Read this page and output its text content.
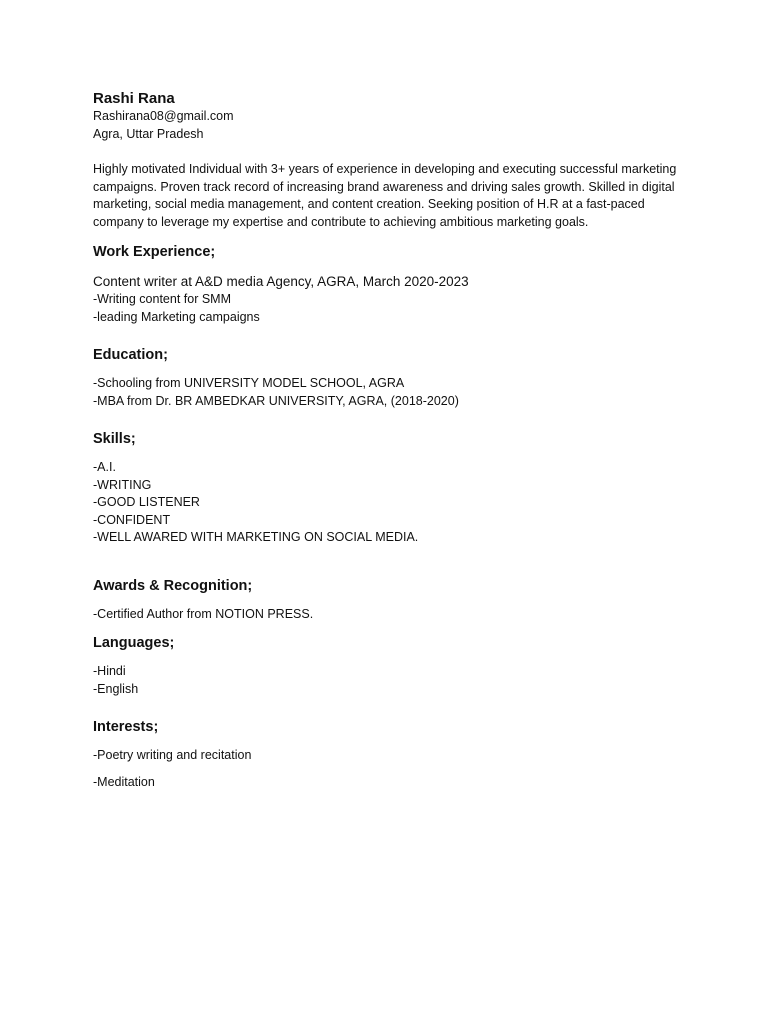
Rashi Rana

Rashirana08@gmail.com

Agra, Uttar Pradesh

Highly motivated Individual with 3+ years of experience in developing and executing successful marketing campaigns. Proven track record of increasing brand awareness and driving sales growth. Skilled in digital marketing, social media management, and content creation. Seeking position of H.R at a fast-paced company to leverage my expertise and contribute to achieving ambitious marketing goals.

Work Experience;

Content writer at A&D media Agency, AGRA, March 2020-2023

-Writing content for SMM

-leading Marketing campaigns

Education;

-Schooling from UNIVERSITY MODEL SCHOOL, AGRA

-MBA from Dr. BR AMBEDKAR UNIVERSITY, AGRA, (2018-2020)

Skills;

-A.I.

-WRITING

-GOOD LISTENER

-CONFIDENT

-WELL AWARED WITH MARKETING ON SOCIAL MEDIA.

Awards & Recognition;

-Certified Author from NOTION PRESS.

Languages;

-Hindi

-English

Interests;

-Poetry writing and recitation

-Meditation
